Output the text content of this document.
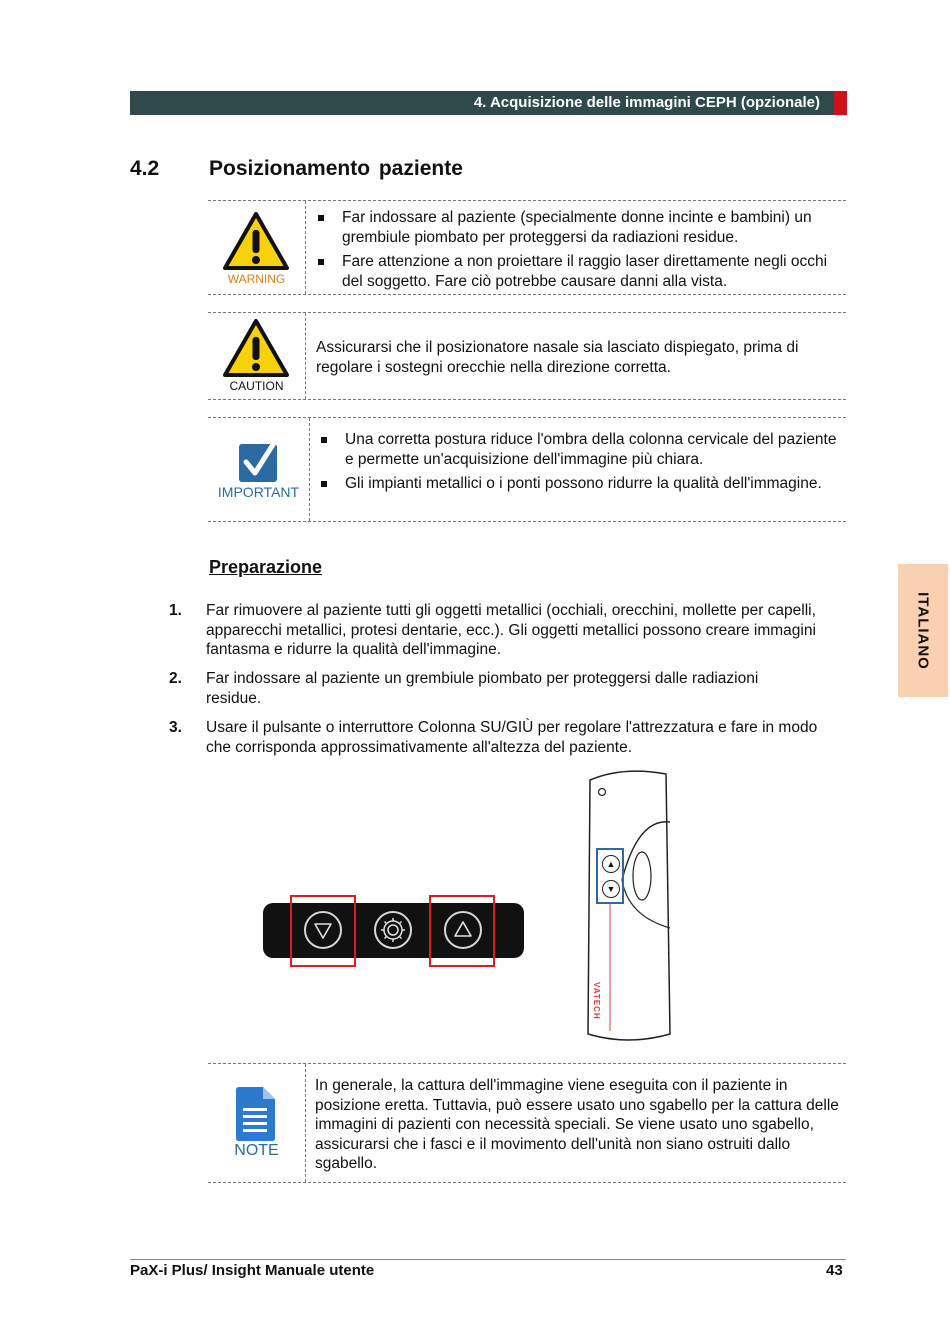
4. Acquisizione delle immagini CEPH (opzionale)
4.2 Posizionamento paziente
WARNING
Far indossare al paziente (specialmente donne incinte e bambini) un grembiule piombato per proteggersi da radiazioni residue.
Fare attenzione a non proiettare il raggio laser direttamente negli occhi del soggetto. Fare ciò potrebbe causare danni alla vista.
CAUTION
Assicurarsi che il posizionatore nasale sia lasciato dispiegato, prima di regolare i sostegni orecchie nella direzione corretta.
IMPORTANT
Una corretta postura riduce l'ombra della colonna cervicale del paziente e permette un'acquisizione dell'immagine più chiara.
Gli impianti metallici o i ponti possono ridurre la qualità dell'immagine.
Preparazione
1. Far rimuovere al paziente tutti gli oggetti metallici (occhiali, orecchini, mollette per capelli, apparecchi metallici, protesi dentarie, ecc.). Gli oggetti metallici possono creare immagini fantasma e ridurre la qualità dell'immagine.
2. Far indossare al paziente un grembiule piombato per proteggersi dalle radiazioni residue.
3. Usare il pulsante o interruttore Colonna SU/GIÙ per regolare l'attrezzatura e fare in modo che corrisponda approssimativamente all'altezza del paziente.
▲
▼
VATECH
NOTE
In generale, la cattura dell'immagine viene eseguita con il paziente in posizione eretta. Tuttavia, può essere usato uno sgabello per la cattura delle immagini di pazienti con necessità speciali. Se viene usato uno sgabello, assicurarsi che i fasci e il movimento dell'unità non siano ostruiti dallo sgabello.
ITALIANO
PaX-i Plus/ Insight Manuale utente	43
